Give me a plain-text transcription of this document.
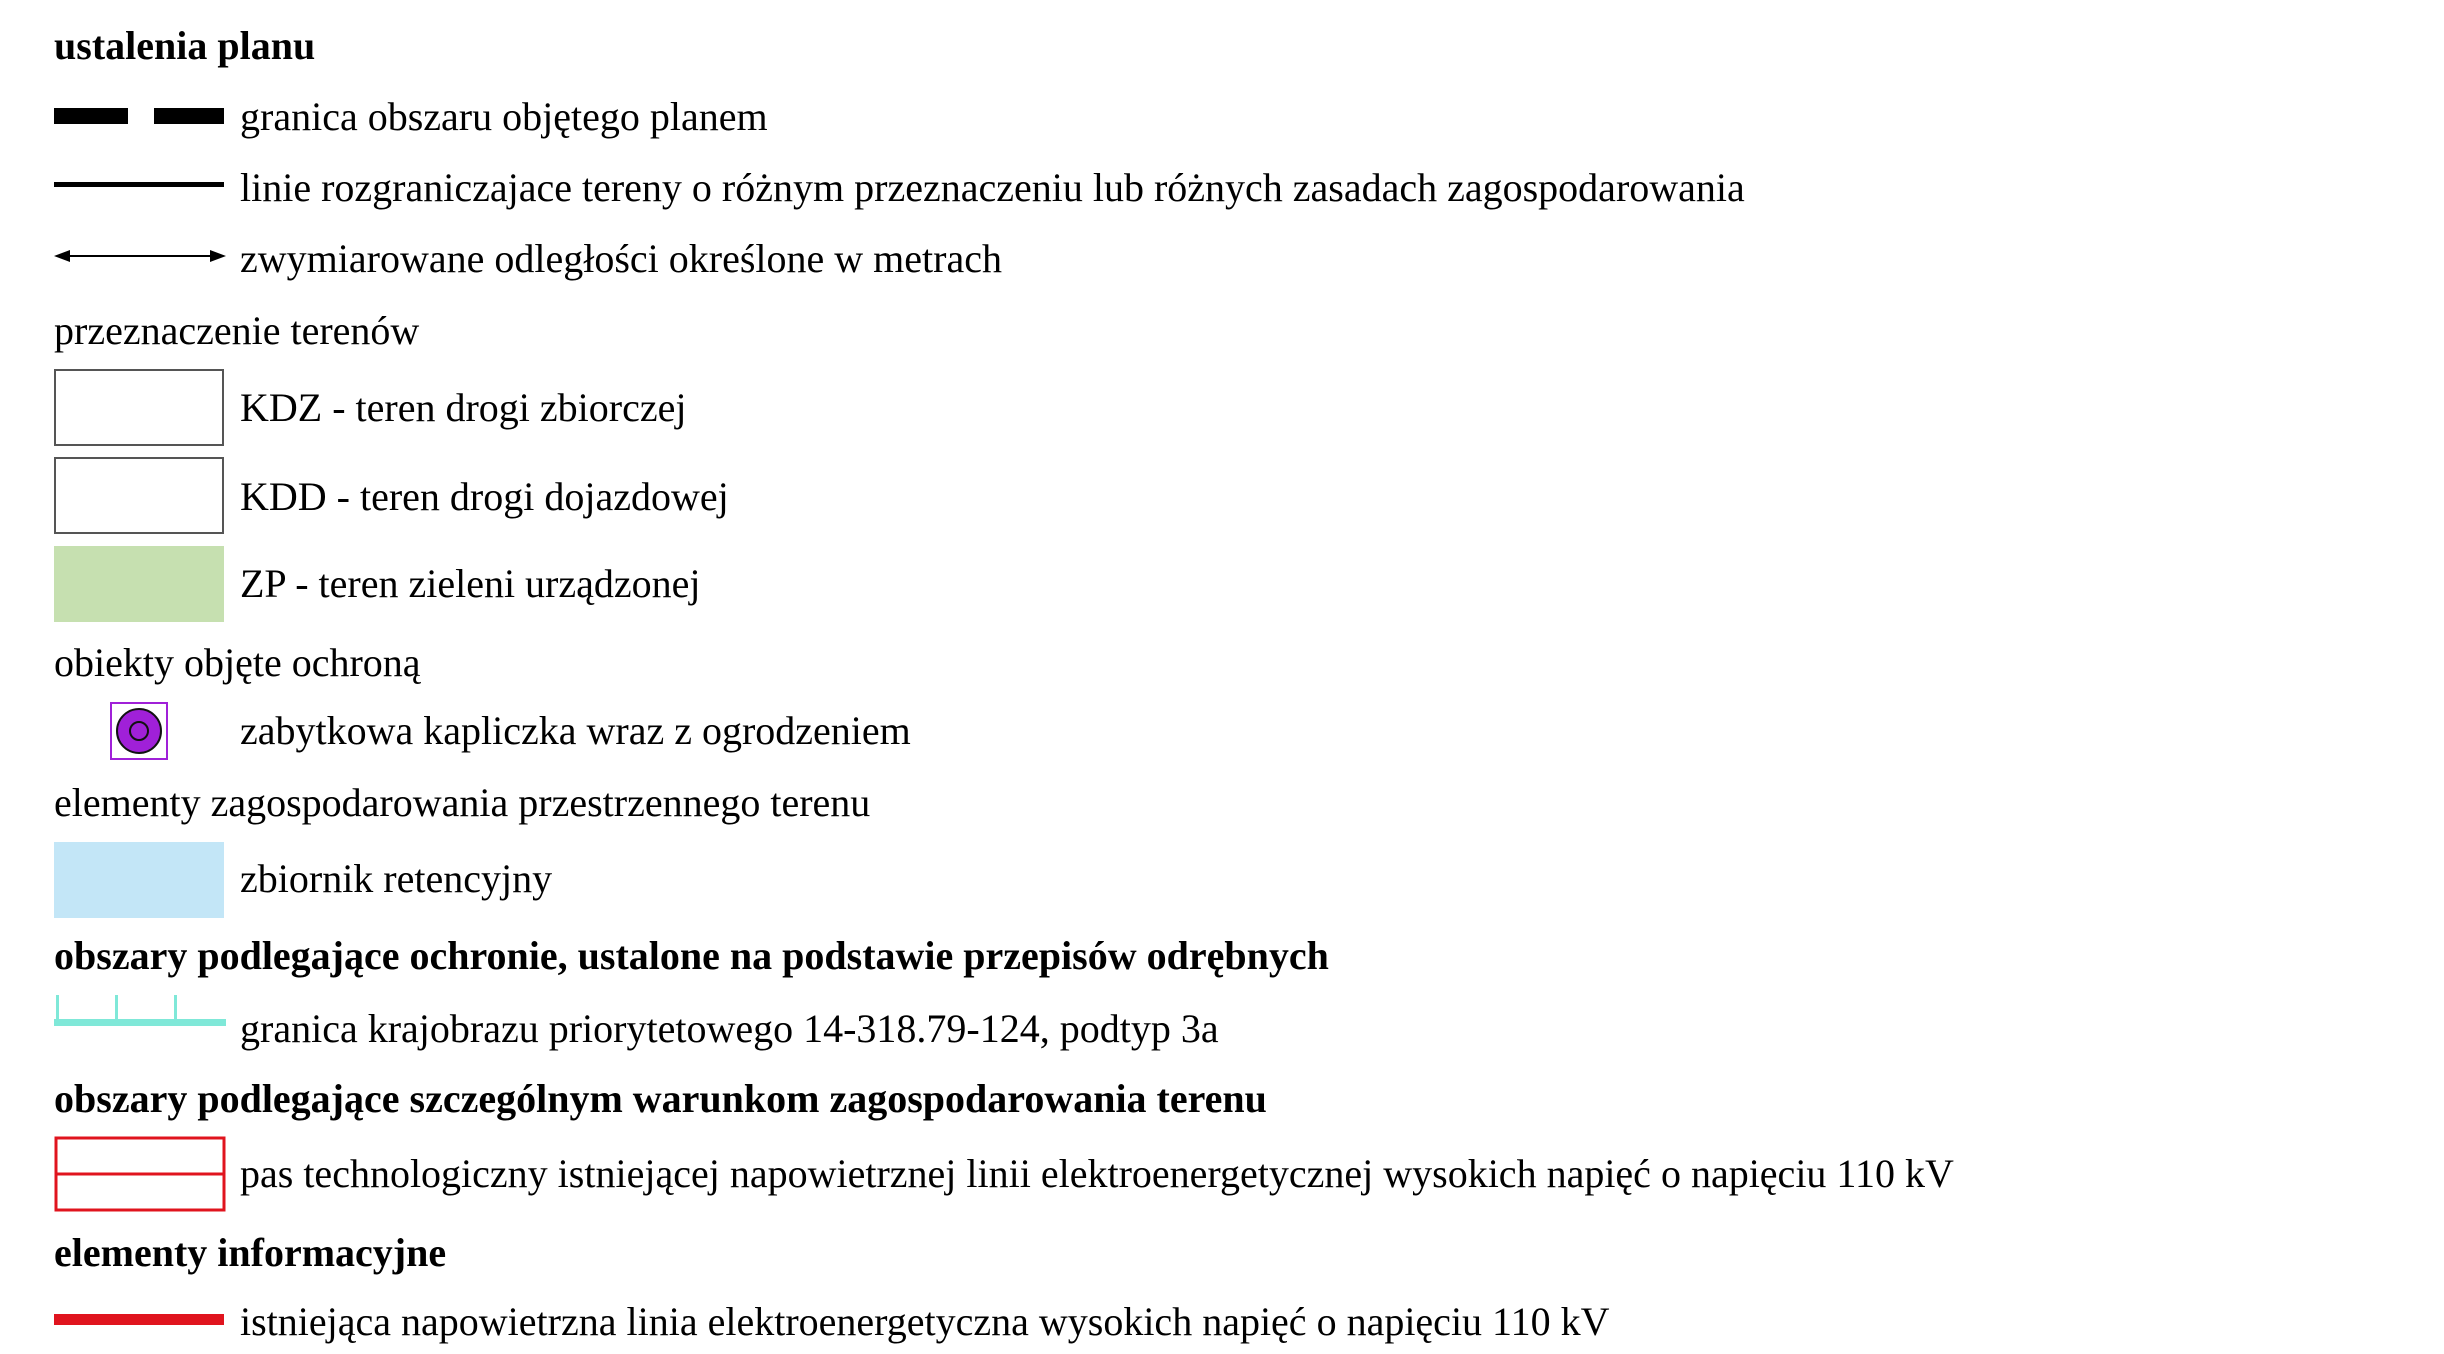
ustalenia planu
granica obszaru objętego planem
linie rozgraniczajace tereny o różnym przeznaczeniu lub różnych zasadach zagospodarowania
zwymiarowane odległości określone w metrach
przeznaczenie terenów
KDZ - teren drogi zbiorczej
KDD - teren drogi dojazdowej
ZP - teren zieleni urządzonej
obiekty objęte ochroną
zabytkowa kapliczka wraz z ogrodzeniem
elementy zagospodarowania przestrzennego terenu
zbiornik retencyjny
obszary podlegające ochronie, ustalone na podstawie przepisów odrębnych
granica krajobrazu priorytetowego 14-318.79-124, podtyp 3a
obszary podlegające szczególnym warunkom zagospodarowania terenu
pas technologiczny istniejącej napowietrznej linii elektroenergetycznej wysokich napięć o napięciu 110 kV
elementy informacyjne
istniejąca napowietrzna linia elektroenergetyczna wysokich napięć o napięciu 110 kV
